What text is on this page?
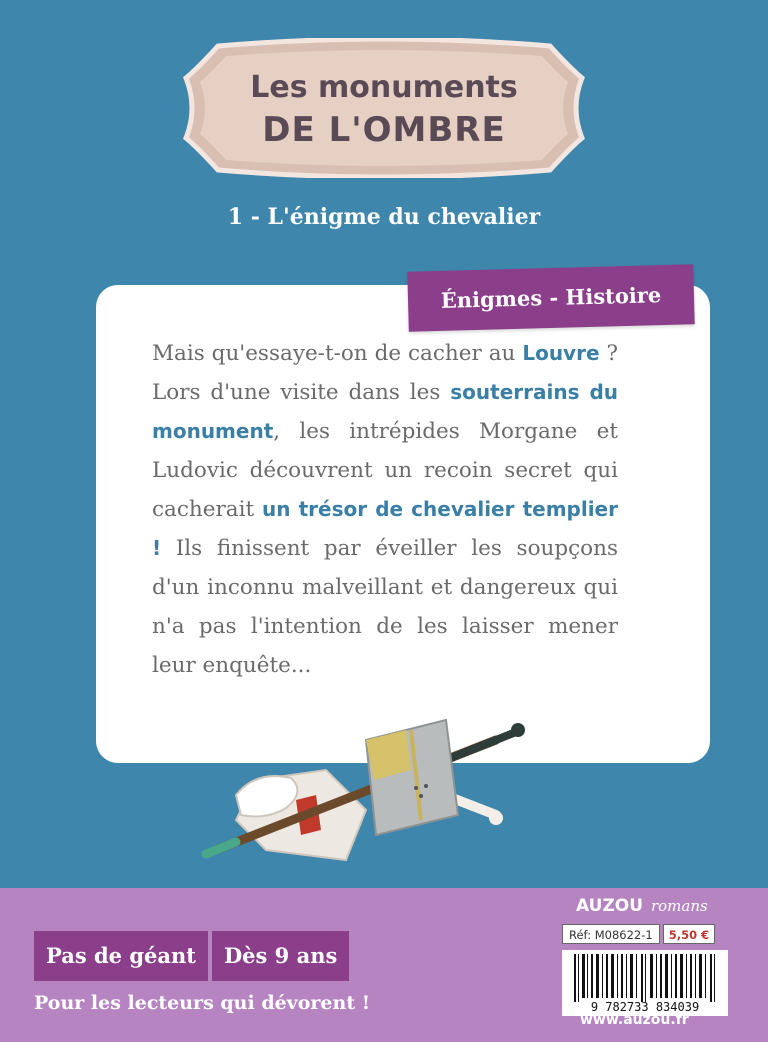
Les monuments
DE L'OMBRE
1 - L'énigme du chevalier
Énigmes - Histoire
Mais qu'essaye-t-on de cacher au Louvre ? Lors d'une visite dans les souterrains du monument, les intrépides Morgane et Ludovic découvrent un recoin secret qui cacherait un trésor de chevalier templier ! Ils finissent par éveiller les soupçons d'un inconnu malveillant et dangereux qui n'a pas l'intention de les laisser mener leur enquête...
Pas de géant	Dès 9 ans
Pour les lecteurs qui dévorent !
AUZOU romans
Réf: M08622-1	5,50 €
9 782733 834039
www.auzou.fr
